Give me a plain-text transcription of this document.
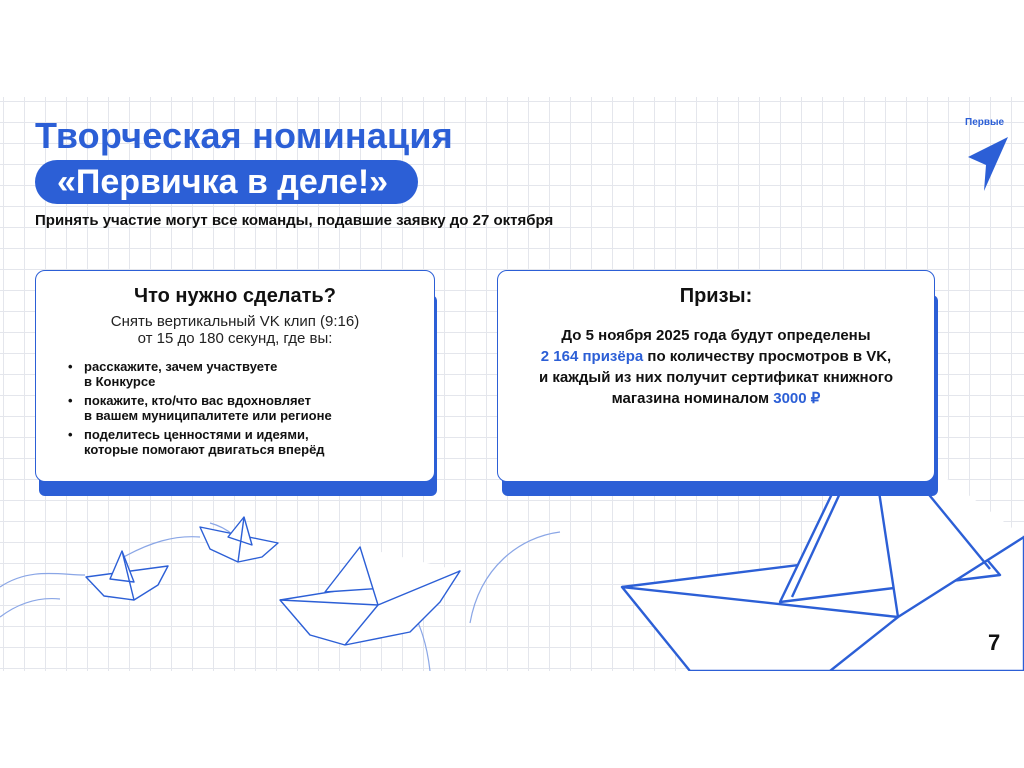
Творческая номинация
«Первичка в деле!»
Принять участие могут все команды, подавшие заявку до 27 октября
Первые
Что нужно сделать?
Снять вертикальный VK клип (9:16)
от 15 до 180 секунд, где вы:
• расскажите, зачем участвуете
в Конкурсе
• покажите, кто/что вас вдохновляет
в вашем муниципалитете или регионе
• поделитесь ценностями и идеями,
которые помогают двигаться вперёд
Призы:
До 5 ноября 2025 года будут определены
2 164 призёра по количеству просмотров в VK,
и каждый из них получит сертификат книжного
магазина номиналом 3000 ₽
7
